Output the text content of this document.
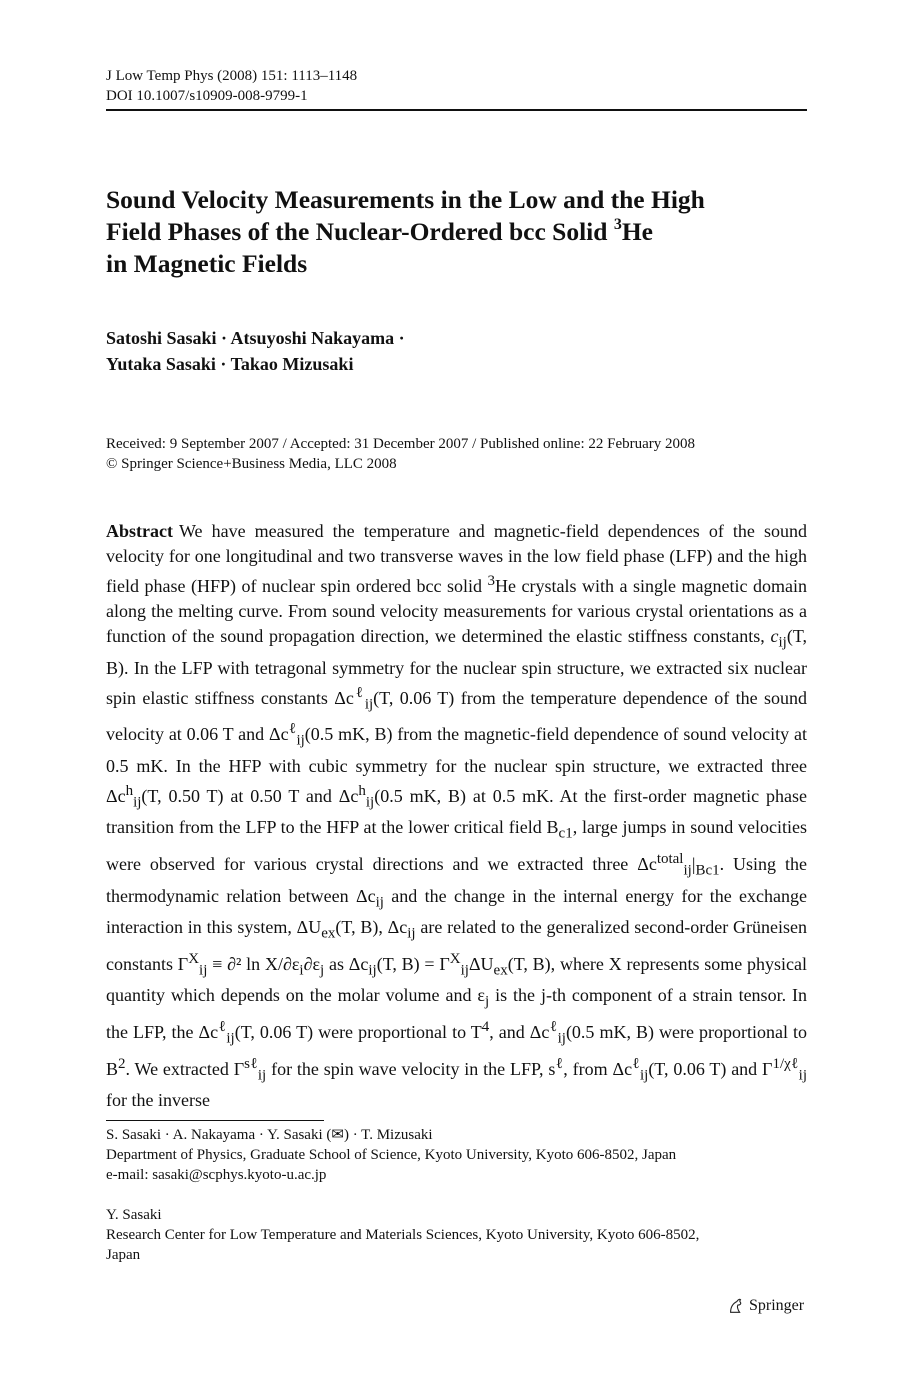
J Low Temp Phys (2008) 151: 1113–1148
DOI 10.1007/s10909-008-9799-1
Sound Velocity Measurements in the Low and the High
Field Phases of the Nuclear-Ordered bcc Solid $^3$He
in Magnetic Fields
Satoshi Sasaki · Atsuyoshi Nakayama ·
Yutaka Sasaki · Takao Mizusaki
Received: 9 September 2007 / Accepted: 31 December 2007 / Published online: 22 February 2008
© Springer Science+Business Media, LLC 2008
Abstract We have measured the temperature and magnetic-field dependences of the sound velocity for one longitudinal and two transverse waves in the low field phase (LFP) and the high field phase (HFP) of nuclear spin ordered bcc solid $^3$He crystals with a single magnetic domain along the melting curve. From sound velocity measurements for various crystal orientations as a function of the sound propagation direction, we determined the elastic stiffness constants, $c_{ij}(T$, B). In the LFP with tetragonal symmetry for the nuclear spin structure, we extracted six nuclear spin elastic stiffness constants $\Delta c^\ell_{ij}(T$, 0.06 T) from the temperature dependence of the sound velocity at 0.06 T and $\Delta c^\ell_{ij}(0.5$ mK, B) from the magnetic-field dependence of sound velocity at 0.5 mK. In the HFP with cubic symmetry for the nuclear spin structure, we extracted three $\Delta c^h_{ij}(T$, 0.50 T) at 0.50 T and $\Delta c^h_{ij}(0.5$ mK, B) at 0.5 mK. At the first-order magnetic phase transition from the LFP to the HFP at the lower critical field $B_{c1}$, large jumps in sound velocities were observed for various crystal directions and we extracted three $\Delta c^{total}_{ij}|_{Bc1}$. Using the thermodynamic relation between $\Delta c_{ij}$ and the change in the internal energy for the exchange interaction in this system, $\Delta U_{ex}(T$, B), $\Delta c_{ij}$ are related to the generalized second-order Grüneisen constants $\Gamma^X_{ij} \equiv \partial^2$ $\ln X/\partial\varepsilon_i\partial\varepsilon_j$ as $\Delta c_{ij}(T$, $B) = \Gamma^X_{ij}\Delta U_{ex}(T$, B), where X represents some physical quantity which depends on the molar volume and $\varepsilon_j$ is the j-th component of a strain tensor. In the LFP, the $\Delta c^\ell_{ij}(T$, 0.06 T) were proportional to $T^4$, and $\Delta c^\ell_{ij}(0.5$ mK, B) were proportional to $B^2$. We extracted $\Gamma^{s\ell}_{ij}$ for the spin wave velocity in the LFP, $s^\ell$, from $\Delta c^\ell_{ij}(T$, 0.06 T) and $\Gamma^{1/\chi\ell}_{ij}$ for the inverse
S. Sasaki · A. Nakayama · Y. Sasaki (✉) · T. Mizusaki
Department of Physics, Graduate School of Science, Kyoto University, Kyoto 606-8502, Japan
e-mail: sasaki@scphys.kyoto-u.ac.jp
Y. Sasaki
Research Center for Low Temperature and Materials Sciences, Kyoto University, Kyoto 606-8502,
Japan
Springer
